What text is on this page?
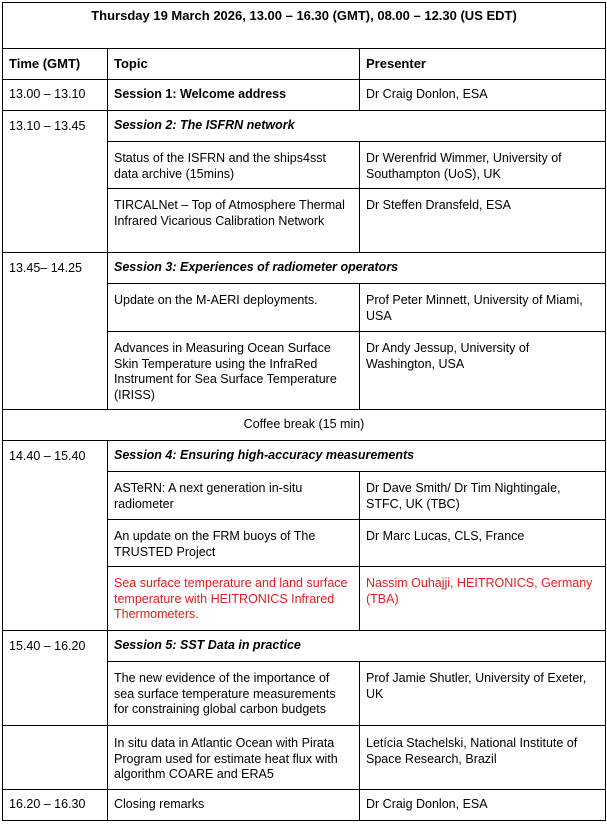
Thursday 19 March 2026, 13.00 – 16.30 (GMT), 08.00 – 12.30 (US EDT)		
Time (GMT)	Topic	Presenter
13.00 – 13.10	Session 1: Welcome address	Dr Craig Donlon, ESA
13.10 – 13.45	Session 2: The ISFRN network	
	Status of the ISFRN and the ships4sst data archive (15mins)	Dr Werenfrid Wimmer, University of Southampton (UoS), UK
	TIRCALNet – Top of Atmosphere Thermal Infrared Vicarious Calibration Network	Dr Steffen Dransfeld, ESA
13.45– 14.25	Session 3: Experiences of radiometer operators	
	Update on the M-AERI deployments.	Prof Peter Minnett, University of Miami, USA
	Advances in Measuring Ocean Surface Skin Temperature using the InfraRed Instrument for Sea Surface Temperature (IRISS)	Dr Andy Jessup, University of Washington, USA
Coffee break (15 min)		
14.40 – 15.40	Session 4: Ensuring high-accuracy measurements	
	ASTeRN: A next generation in-situ radiometer	Dr Dave Smith/ Dr Tim Nightingale, STFC, UK (TBC)
	An update on the FRM buoys of The TRUSTED Project	Dr Marc Lucas, CLS, France
	Sea surface temperature and land surface temperature with HEITRONICS Infrared Thermometers.	Nassim Ouhajji, HEITRONICS, Germany (TBA)
15.40 – 16.20	Session 5: SST Data in practice	
	The new evidence of the importance of sea surface temperature measurements for constraining global carbon budgets	Prof Jamie Shutler, University of Exeter, UK
	In situ data in Atlantic Ocean with Pirata Program used for estimate heat flux with algorithm COARE and ERA5	Letícia Stachelski, National Institute of Space Research, Brazil
16.20 – 16.30	Closing remarks	Dr Craig Donlon, ESA
